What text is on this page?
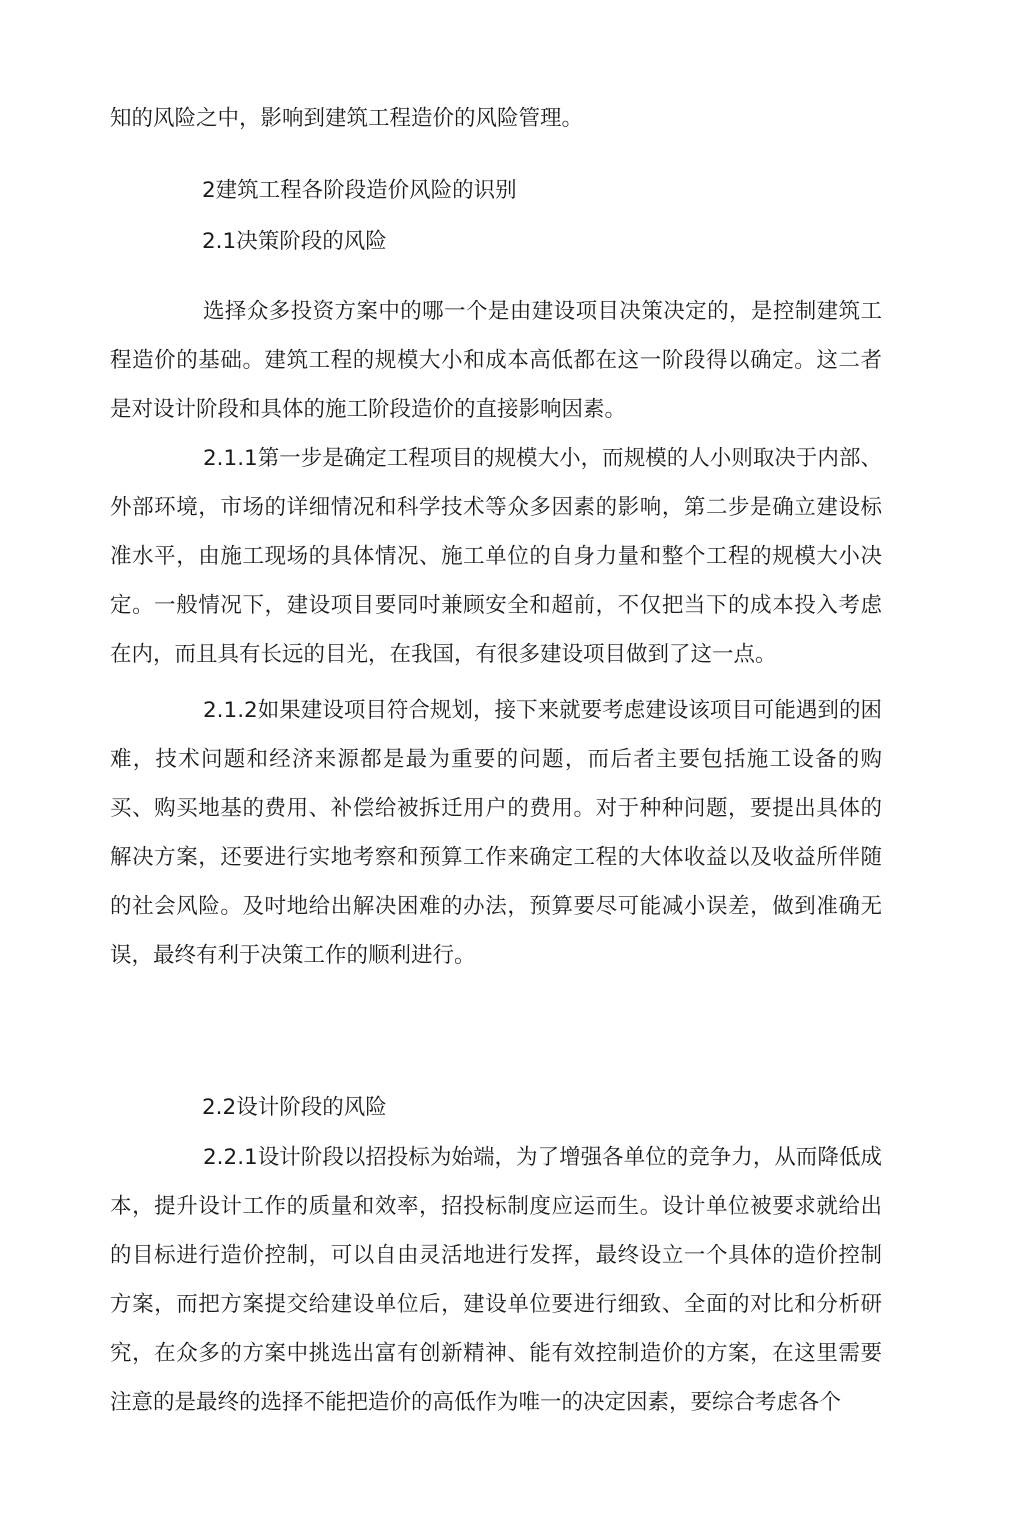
知的风险之中，影响到建筑工程造价的风险管理。

2建筑工程各阶段造价风险的识别

2.1决策阶段的风险

选择众多投资方案中的哪一个是由建设项目决策决定的，是控制建筑工程造价的基础。建筑工程的规模大小和成本高低都在这一阶段得以确定。这二者是对设计阶段和具体的施工阶段造价的直接影响因素。

2.1.1第一步是确定工程项目的规模大小，而规模的人小则取决于内部、外部环境，市场的详细情况和科学技术等众多因素的影响，第二步是确立建设标准水平，由施工现场的具体情况、施工单位的自身力量和整个工程的规模大小决定。一般情况下，建设项目要同吋兼顾安全和超前，不仅把当下的成本投入考虑在内，而且具有长远的目光，在我国，有很多建设项目做到了这一点。

2.1.2如果建设项目符合规划，接下来就要考虑建设该项目可能遇到的困难，技术问题和经济来源都是最为重要的问题，而后者主要包括施工设备的购买、购买地基的费用、补偿给被拆迁用户的费用。对于种种问题，要提出具体的解决方案，还要进行实地考察和预算工作来确定工程的大体收益以及收益所伴随的社会风险。及吋地给出解决困难的办法，预算要尽可能减小误差，做到准确无误，最终有利于决策工作的顺利进行。

2.2设计阶段的风险

2.2.1设计阶段以招投标为始端，为了增强各单位的竞争力，从而降低成本，提升设计工作的质量和效率，招投标制度应运而生。设计单位被要求就给出的目标进行造价控制，可以自由灵活地进行发挥，最终设立一个具体的造价控制方案，而把方案提交给建设单位后，建设单位要进行细致、全面的对比和分析研究，在众多的方案中挑选出富有创新精神、能有效控制造价的方案，在这里需要注意的是最终的选择不能把造价的高低作为唯一的决定因素，要综合考虑各个
